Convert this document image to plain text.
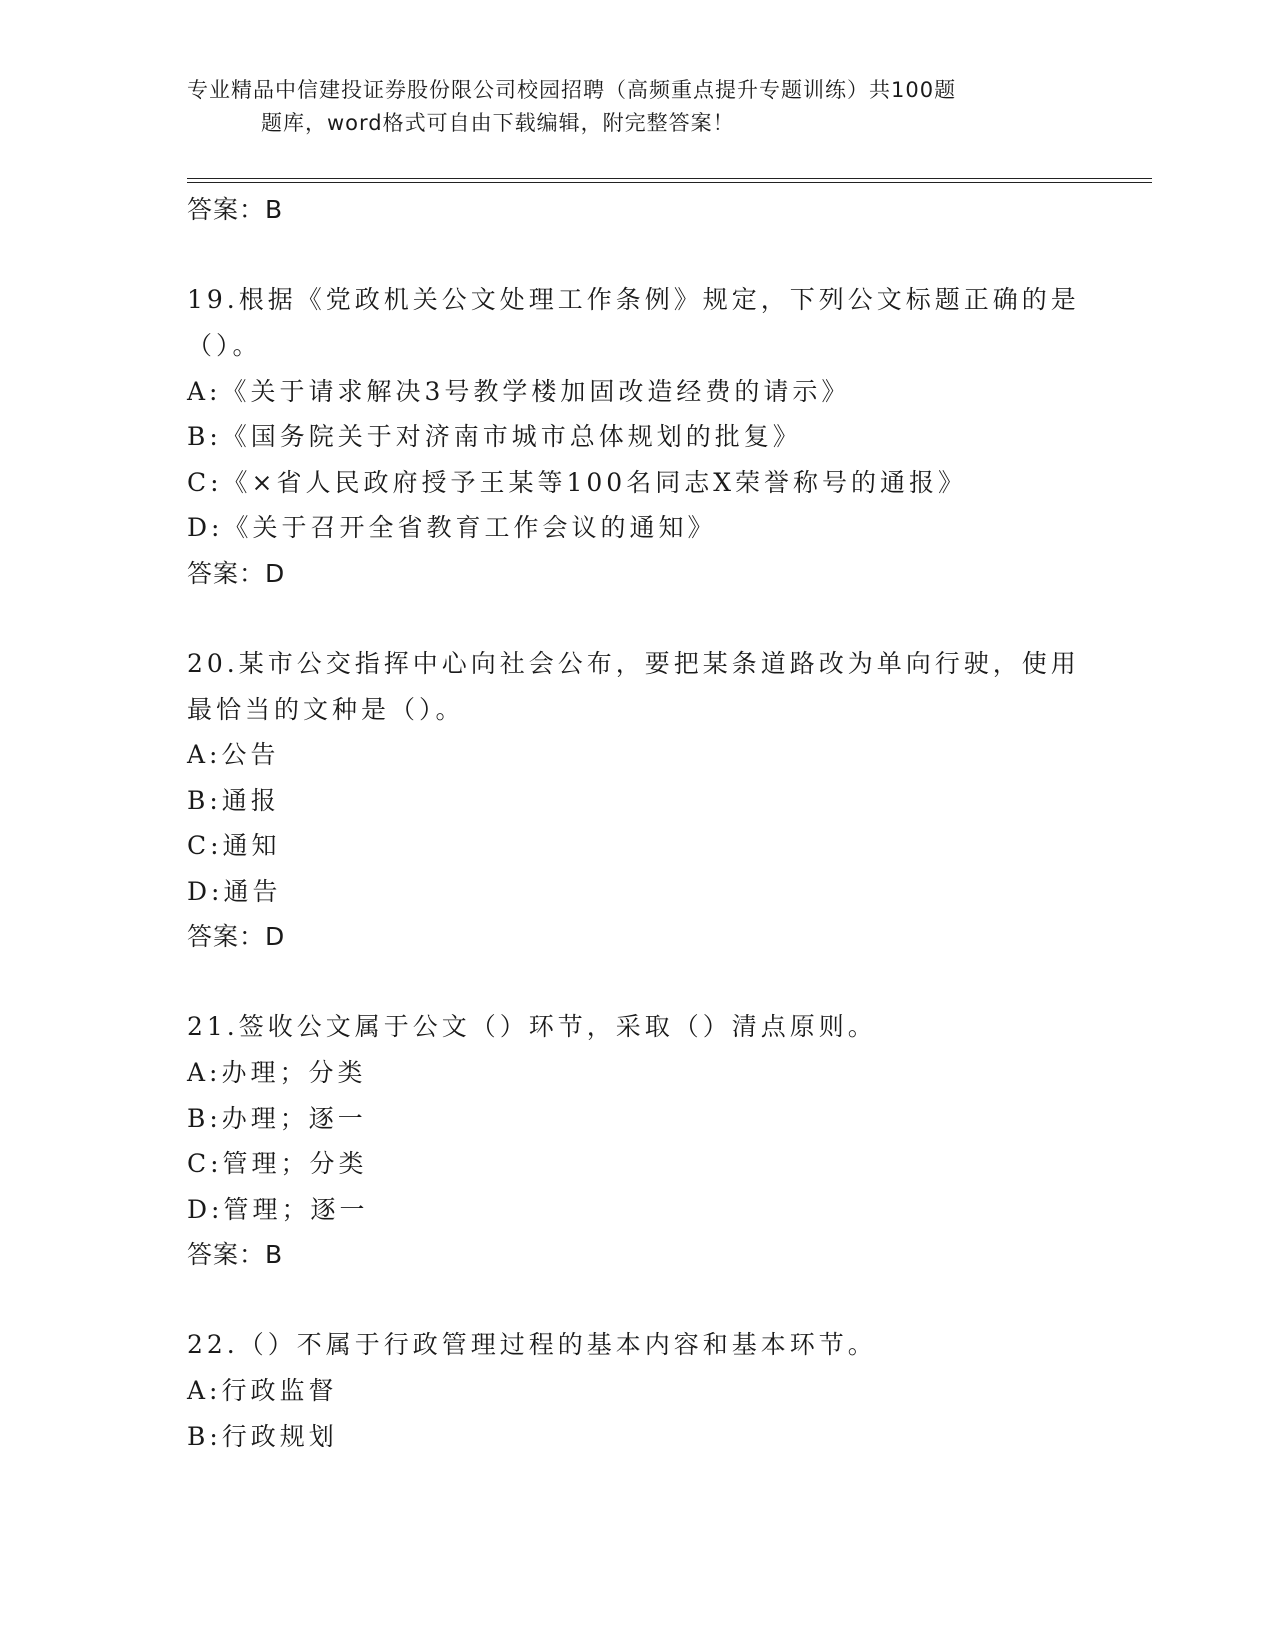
专业精品中信建投证券股份限公司校园招聘（高频重点提升专题训练）共100题
题库，word格式可自由下载编辑，附完整答案！
答案：B
19.根据《党政机关公文处理工作条例》规定，下列公文标题正确的是
（）。
A:《关于请求解决3号教学楼加固改造经费的请示》
B:《国务院关于对济南市城市总体规划的批复》
C:《×省人民政府授予王某等100名同志X荣誉称号的通报》
D:《关于召开全省教育工作会议的通知》
答案：D
20.某市公交指挥中心向社会公布，要把某条道路改为单向行驶，使用
最恰当的文种是（）。
A:公告
B:通报
C:通知
D:通告
答案：D
21.签收公文属于公文（）环节，采取（）清点原则。
A:办理；分类
B:办理；逐一
C:管理；分类
D:管理；逐一
答案：B
22.（）不属于行政管理过程的基本内容和基本环节。
A:行政监督
B:行政规划
